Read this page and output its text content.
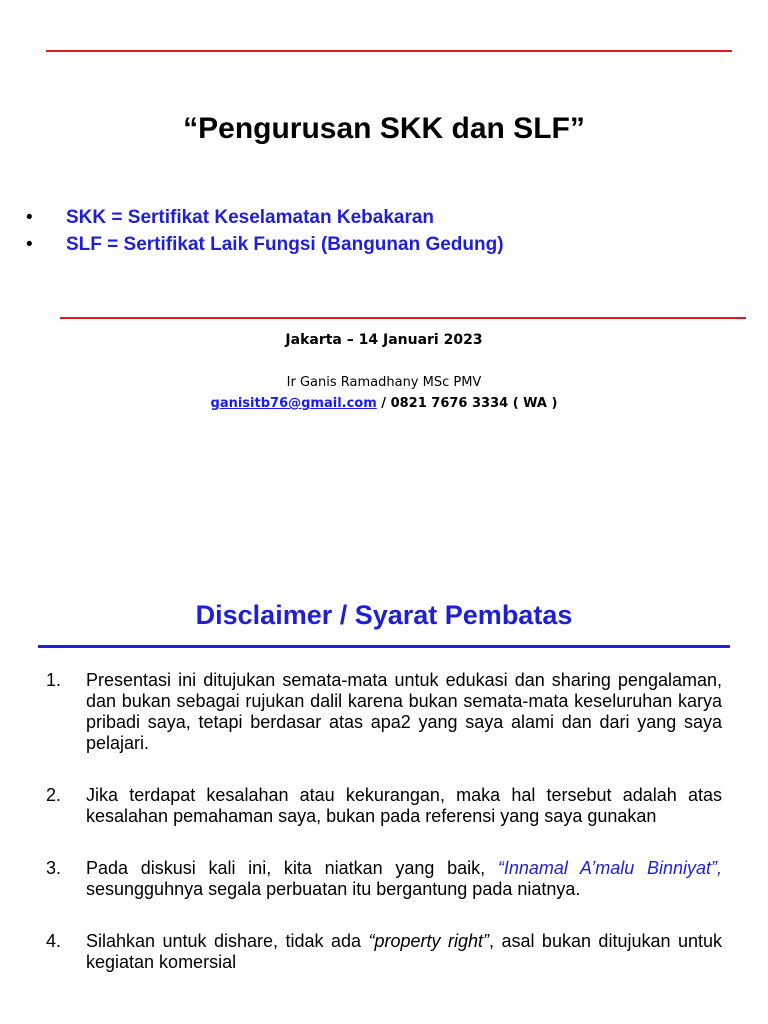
“Pengurusan SKK dan SLF”
• SKK = Sertifikat Keselamatan Kebakaran
• SLF = Sertifikat Laik Fungsi (Bangunan Gedung)
Jakarta – 14 Januari 2023
Ir Ganis Ramadhany MSc PMV
ganisitb76@gmail.com / 0821 7676 3334 ( WA )
Disclaimer / Syarat Pembatas
1. Presentasi ini ditujukan semata-mata untuk edukasi dan sharing pengalaman, dan bukan sebagai rujukan dalil karena bukan semata-mata keseluruhan karya pribadi saya, tetapi berdasar atas apa2 yang saya alami dan dari yang saya pelajari.
2. Jika terdapat kesalahan atau kekurangan, maka hal tersebut adalah atas kesalahan pemahaman saya, bukan pada referensi yang saya gunakan
3. Pada diskusi kali ini, kita niatkan yang baik, “Innamal A’malu Binniyat”, sesungguhnya segala perbuatan itu bergantung pada niatnya.
4. Silahkan untuk dishare, tidak ada “property right”, asal bukan ditujukan untuk kegiatan komersial
